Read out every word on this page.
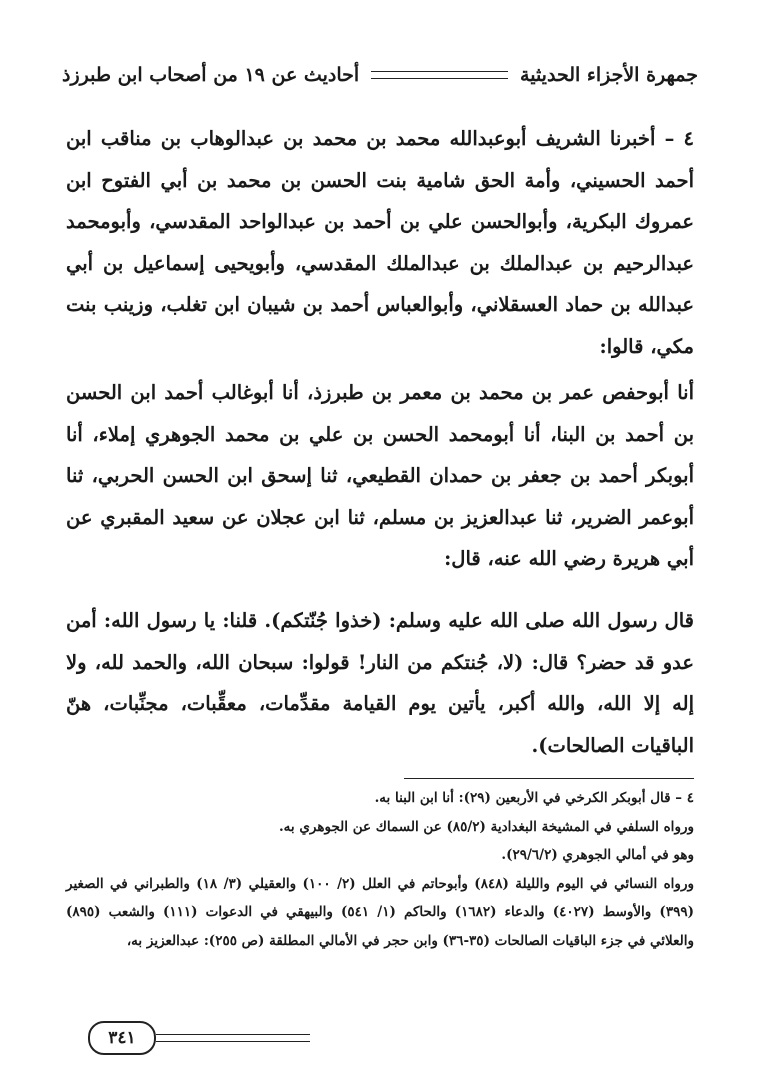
جمهرة الأجزاء الحديثية
أحاديث عن ١٩ من أصحاب ابن طبرزذ

٤ – أخبرنا الشريف أبوعبدالله محمد بن محمد بن عبدالوهاب بن مناقب ابن أحمد الحسيني، وأمة الحق شامية بنت الحسن بن محمد بن أبي الفتوح ابن عمروك البكرية، وأبوالحسن علي بن أحمد بن عبدالواحد المقدسي، وأبومحمد عبدالرحيم بن عبدالملك بن عبدالملك المقدسي، وأبويحيى إسماعيل بن أبي عبدالله بن حماد العسقلاني، وأبوالعباس أحمد بن شيبان ابن تغلب، وزينب بنت مكي، قالوا:

أنا أبوحفص عمر بن محمد بن معمر بن طبرزذ، أنا أبوغالب أحمد ابن الحسن بن أحمد بن البنا، أنا أبومحمد الحسن بن علي بن محمد الجوهري إملاء، أنا أبوبكر أحمد بن جعفر بن حمدان القطيعي، ثنا إسحق ابن الحسن الحربي، ثنا أبوعمر الضرير، ثنا عبدالعزيز بن مسلم، ثنا ابن عجلان عن سعيد المقبري عن أبي هريرة رضي الله عنه، قال:

قال رسول الله صلى الله عليه وسلم: (خذوا جُنّتكم). قلنا: يا رسول الله: أمن عدو قد حضر؟ قال: (لا، جُنتكم من النار! قولوا: سبحان الله، والحمد لله، ولا إله إلا الله، والله أكبر، يأتين يوم القيامة مقدِّمات، معقِّبات، مجنِّبات، هنّ الباقيات الصالحات).

٤ – قال أبوبكر الكرخي في الأربعين (٢٩): أنا ابن البنا به.

ورواه السلفي في المشيخة البغدادية (٨٥/٢) عن السماك عن الجوهري به.

وهو في أمالي الجوهري (٢٩/٦/٢).

ورواه النسائي في اليوم والليلة (٨٤٨) وأبوحاتم في العلل (٢/ ١٠٠) والعقيلي (٣/ ١٨) والطبراني في الصغير (٣٩٩) والأوسط (٤٠٢٧) والدعاء (١٦٨٢) والحاكم (١/ ٥٤١) والبيهقي في الدعوات (١١١) والشعب (٨٩٥) والعلائي في جزء الباقيات الصالحات (٣٥-٣٦) وابن حجر في الأمالي المطلقة (ص ٢٥٥): عبدالعزيز به،

٣٤١
